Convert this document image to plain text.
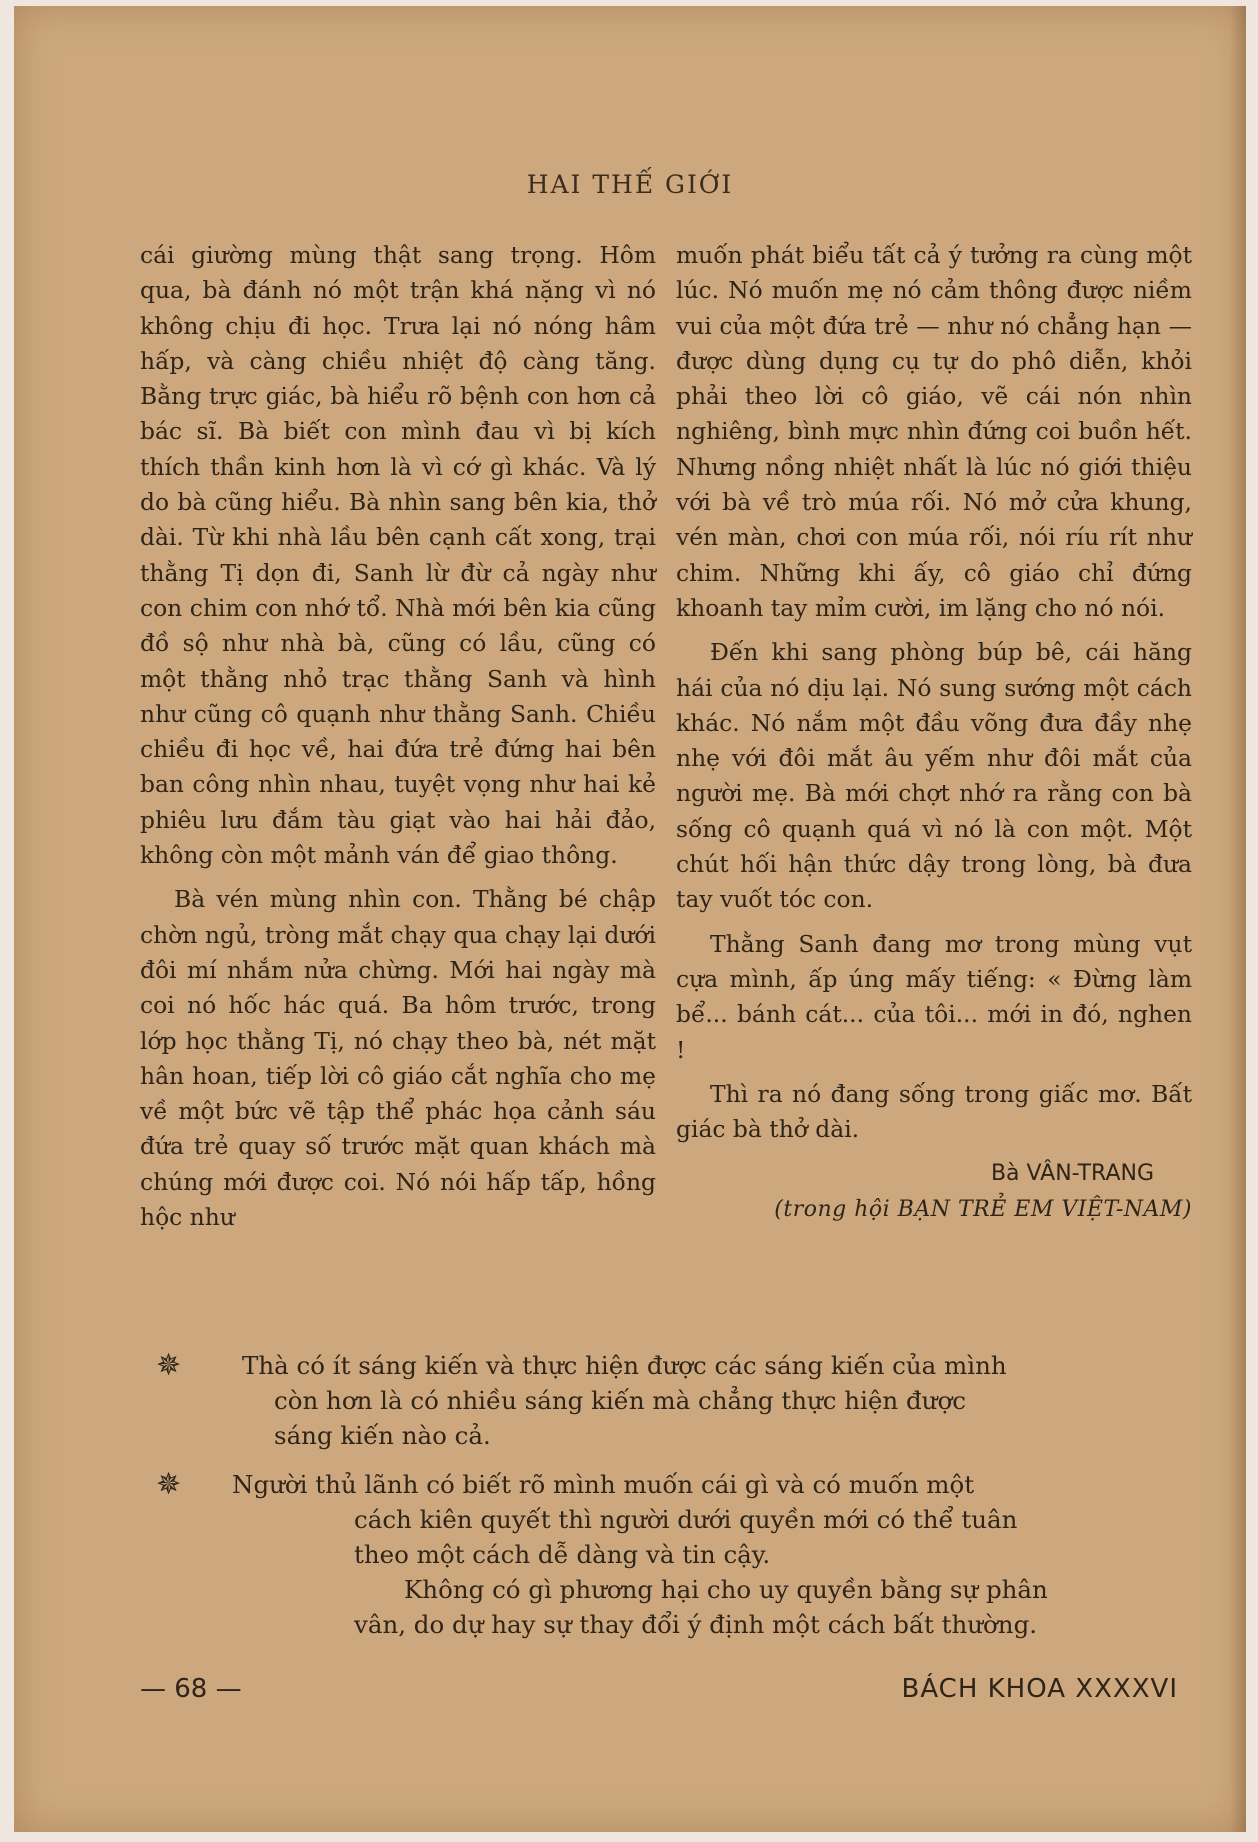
HAI THẾ GIỚI

cái giường mùng thật sang trọng. Hôm qua, bà đánh nó một trận khá nặng vì nó không chịu đi học. Trưa lại nó nóng hâm hấp, và càng chiều nhiệt độ càng tăng. Bằng trực giác, bà hiểu rõ bệnh con hơn cả bác sĩ. Bà biết con mình đau vì bị kích thích thần kinh hơn là vì cớ gì khác. Và lý do bà cũng hiểu. Bà nhìn sang bên kia, thở dài. Từ khi nhà lầu bên cạnh cất xong, trại thằng Tị dọn đi, Sanh lừ đừ cả ngày như con chim con nhớ tổ. Nhà mới bên kia cũng đồ sộ như nhà bà, cũng có lầu, cũng có một thằng nhỏ trạc thằng Sanh và hình như cũng cô quạnh như thằng Sanh. Chiều chiều đi học về, hai đứa trẻ đứng hai bên ban công nhìn nhau, tuyệt vọng như hai kẻ phiêu lưu đắm tàu giạt vào hai hải đảo, không còn một mảnh ván để giao thông.

Bà vén mùng nhìn con. Thằng bé chập chờn ngủ, tròng mắt chạy qua chạy lại dưới đôi mí nhắm nửa chừng. Mới hai ngày mà coi nó hốc hác quá. Ba hôm trước, trong lớp học thằng Tị, nó chạy theo bà, nét mặt hân hoan, tiếp lời cô giáo cắt nghĩa cho mẹ về một bức vẽ tập thể phác họa cảnh sáu đứa trẻ quay số trước mặt quan khách mà chúng mới được coi. Nó nói hấp tấp, hồng hộc như

muốn phát biểu tất cả ý tưởng ra cùng một lúc. Nó muốn mẹ nó cảm thông được niềm vui của một đứa trẻ — như nó chẳng hạn — được dùng dụng cụ tự do phô diễn, khỏi phải theo lời cô giáo, vẽ cái nón nhìn nghiêng, bình mực nhìn đứng coi buồn hết. Nhưng nồng nhiệt nhất là lúc nó giới thiệu với bà về trò múa rối. Nó mở cửa khung, vén màn, chơi con múa rối, nói ríu rít như chim. Những khi ấy, cô giáo chỉ đứng khoanh tay mỉm cười, im lặng cho nó nói.

Đến khi sang phòng búp bê, cái hăng hái của nó dịu lại. Nó sung sướng một cách khác. Nó nắm một đầu võng đưa đầy nhẹ nhẹ với đôi mắt âu yếm như đôi mắt của người mẹ. Bà mới chợt nhớ ra rằng con bà sống cô quạnh quá vì nó là con một. Một chút hối hận thức dậy trong lòng, bà đưa tay vuốt tóc con.

Thằng Sanh đang mơ trong mùng vụt cựa mình, ấp úng mấy tiếng: « Đừng làm bể... bánh cát... của tôi... mới in đó, nghen !

Thì ra nó đang sống trong giấc mơ. Bất giác bà thở dài.

Bà VÂN-TRANG
(trong hội BẠN TRẺ EM VIỆT-NAM)
✵	Thà có ít sáng kiến và thực hiện được các sáng kiến của mình
còn hơn là có nhiều sáng kiến mà chẳng thực hiện được
sáng kiến nào cả.
✵	Người thủ lãnh có biết rõ mình muốn cái gì và có muốn một
cách kiên quyết thì người dưới quyền mới có thể tuân
theo một cách dễ dàng và tin cậy.
Không có gì phương hại cho uy quyền bằng sự phân
vân, do dự hay sự thay đổi ý định một cách bất thường.
— 68 —	BÁCH KHOA XXXXVI
